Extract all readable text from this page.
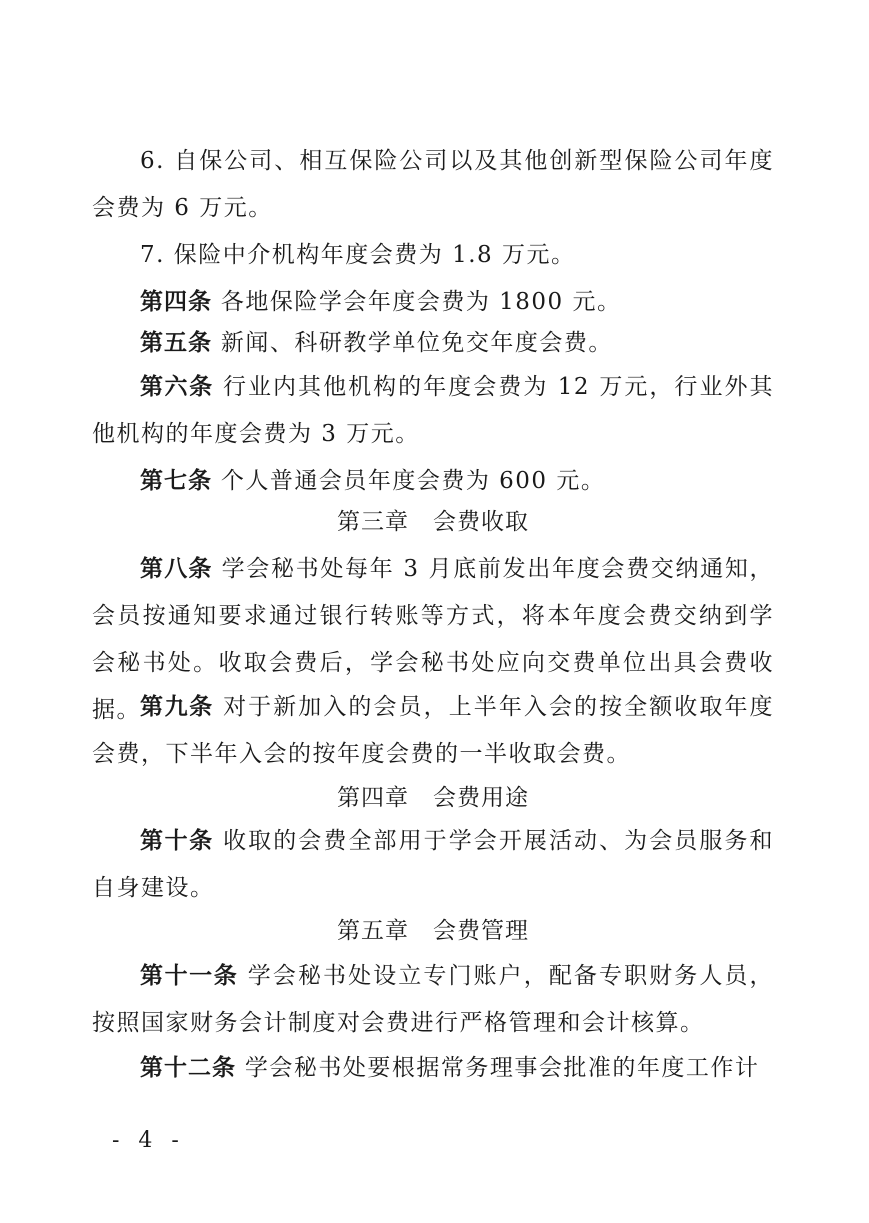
6. 自保公司、相互保险公司以及其他创新型保险公司年度会费为 6 万元。

7. 保险中介机构年度会费为 1.8 万元。

第四条 各地保险学会年度会费为 1800 元。

第五条 新闻、科研教学单位免交年度会费。

第六条 行业内其他机构的年度会费为 12 万元，行业外其他机构的年度会费为 3 万元。

第七条 个人普通会员年度会费为 600 元。

第三章　会费收取

第八条 学会秘书处每年 3 月底前发出年度会费交纳通知，会员按通知要求通过银行转账等方式，将本年度会费交纳到学会秘书处。收取会费后，学会秘书处应向交费单位出具会费收据。 第九条 对于新加入的会员，上半年入会的按全额收取年度会费，下半年入会的按年度会费的一半收取会费。

第四章　会费用途

第十条 收取的会费全部用于学会开展活动、为会员服务和自身建设。

第五章　会费管理

第十一条 学会秘书处设立专门账户，配备专职财务人员，按照国家财务会计制度对会费进行严格管理和会计核算。

第十二条 学会秘书处要根据常务理事会批准的年度工作计

- 4 -
